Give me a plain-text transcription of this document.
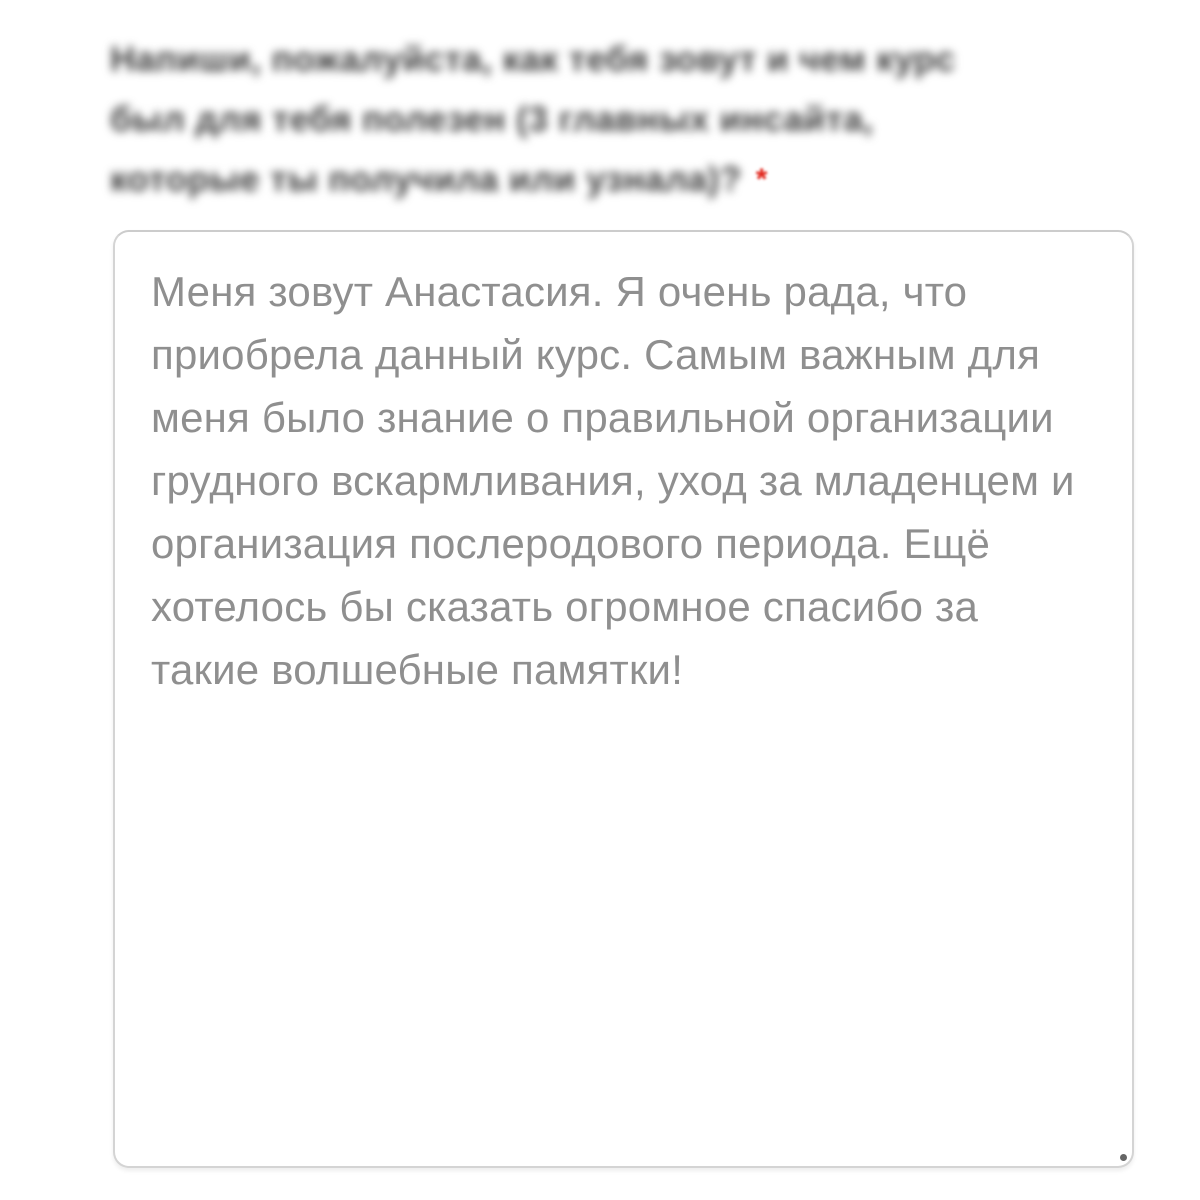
Напиши, пожалуйста, как тебя зовут и чем курс
был для тебя полезен (3 главных инсайта,
которые ты получила или узнала)? *
Меня зовут Анастасия. Я очень рада, что приобрела данный курс. Самым важным для меня было знание о правильной организации грудного вскармливания, уход за младенцем и организация послеродового периода. Ещё хотелось бы сказать огромное спасибо за такие волшебные памятки!
